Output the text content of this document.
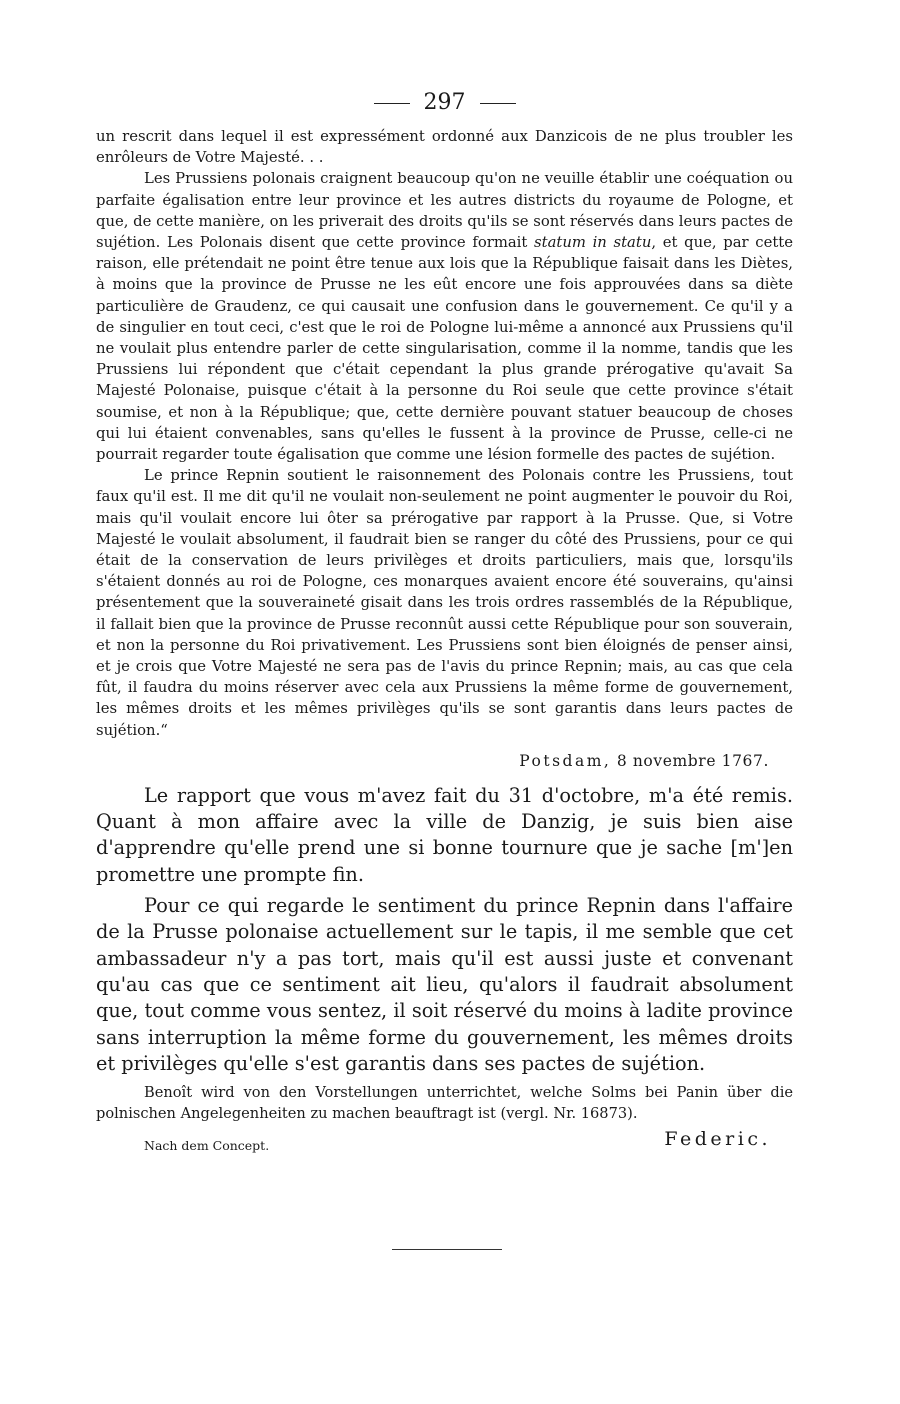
297

un rescrit dans lequel il est expressément ordonné aux Danzicois de ne plus troubler les enrôleurs de Votre Majesté. . .

Les Prussiens polonais craignent beaucoup qu'on ne veuille établir une coéquation ou parfaite égalisation entre leur province et les autres districts du royaume de Pologne, et que, de cette manière, on les priverait des droits qu'ils se sont réservés dans leurs pactes de sujétion. Les Polonais disent que cette province formait statum in statu, et que, par cette raison, elle prétendait ne point être tenue aux lois que la République faisait dans les Diètes, à moins que la province de Prusse ne les eût encore une fois approuvées dans sa diète particulière de Graudenz, ce qui causait une confusion dans le gouvernement. Ce qu'il y a de singulier en tout ceci, c'est que le roi de Pologne lui-même a annoncé aux Prussiens qu'il ne voulait plus entendre parler de cette singularisation, comme il la nomme, tandis que les Prussiens lui répondent que c'était cependant la plus grande prérogative qu'avait Sa Majesté Polonaise, puisque c'était à la personne du Roi seule que cette province s'était soumise, et non à la République; que, cette dernière pouvant statuer beaucoup de choses qui lui étaient convenables, sans qu'elles le fussent à la province de Prusse, celle-ci ne pourrait regarder toute égalisation que comme une lésion formelle des pactes de sujétion.

Le prince Repnin soutient le raisonnement des Polonais contre les Prussiens, tout faux qu'il est. Il me dit qu'il ne voulait non-seulement ne point augmenter le pouvoir du Roi, mais qu'il voulait encore lui ôter sa prérogative par rapport à la Prusse. Que, si Votre Majesté le voulait absolument, il faudrait bien se ranger du côté des Prussiens, pour ce qui était de la conservation de leurs privilèges et droits particuliers, mais que, lorsqu'ils s'étaient donnés au roi de Pologne, ces monarques avaient encore été souverains, qu'ainsi présentement que la souveraineté gisait dans les trois ordres rassemblés de la République, il fallait bien que la province de Prusse reconnût aussi cette République pour son souverain, et non la personne du Roi privativement. Les Prussiens sont bien éloignés de penser ainsi, et je crois que Votre Majesté ne sera pas de l'avis du prince Repnin; mais, au cas que cela fût, il faudra du moins réserver avec cela aux Prussiens la même forme de gouvernement, les mêmes droits et les mêmes privilèges qu'ils se sont garantis dans leurs pactes de sujétion.“

Potsdam, 8 novembre 1767.

Le rapport que vous m'avez fait du 31 d'octobre, m'a été remis. Quant à mon affaire avec la ville de Danzig, je suis bien aise d'apprendre qu'elle prend une si bonne tournure que je sache [m']en promettre une prompte fin.

Pour ce qui regarde le sentiment du prince Repnin dans l'affaire de la Prusse polonaise actuellement sur le tapis, il me semble que cet ambassadeur n'y a pas tort, mais qu'il est aussi juste et convenant qu'au cas que ce sentiment ait lieu, qu'alors il faudrait absolument que, tout comme vous sentez, il soit réservé du moins à ladite province sans interruption la même forme du gouvernement, les mêmes droits et privilèges qu'elle s'est garantis dans ses pactes de sujétion.

Benoît wird von den Vorstellungen unterrichtet, welche Solms bei Panin über die polnischen Angelegenheiten zu machen beauftragt ist (vergl. Nr. 16873).

Nach dem Concept.	Federic.
